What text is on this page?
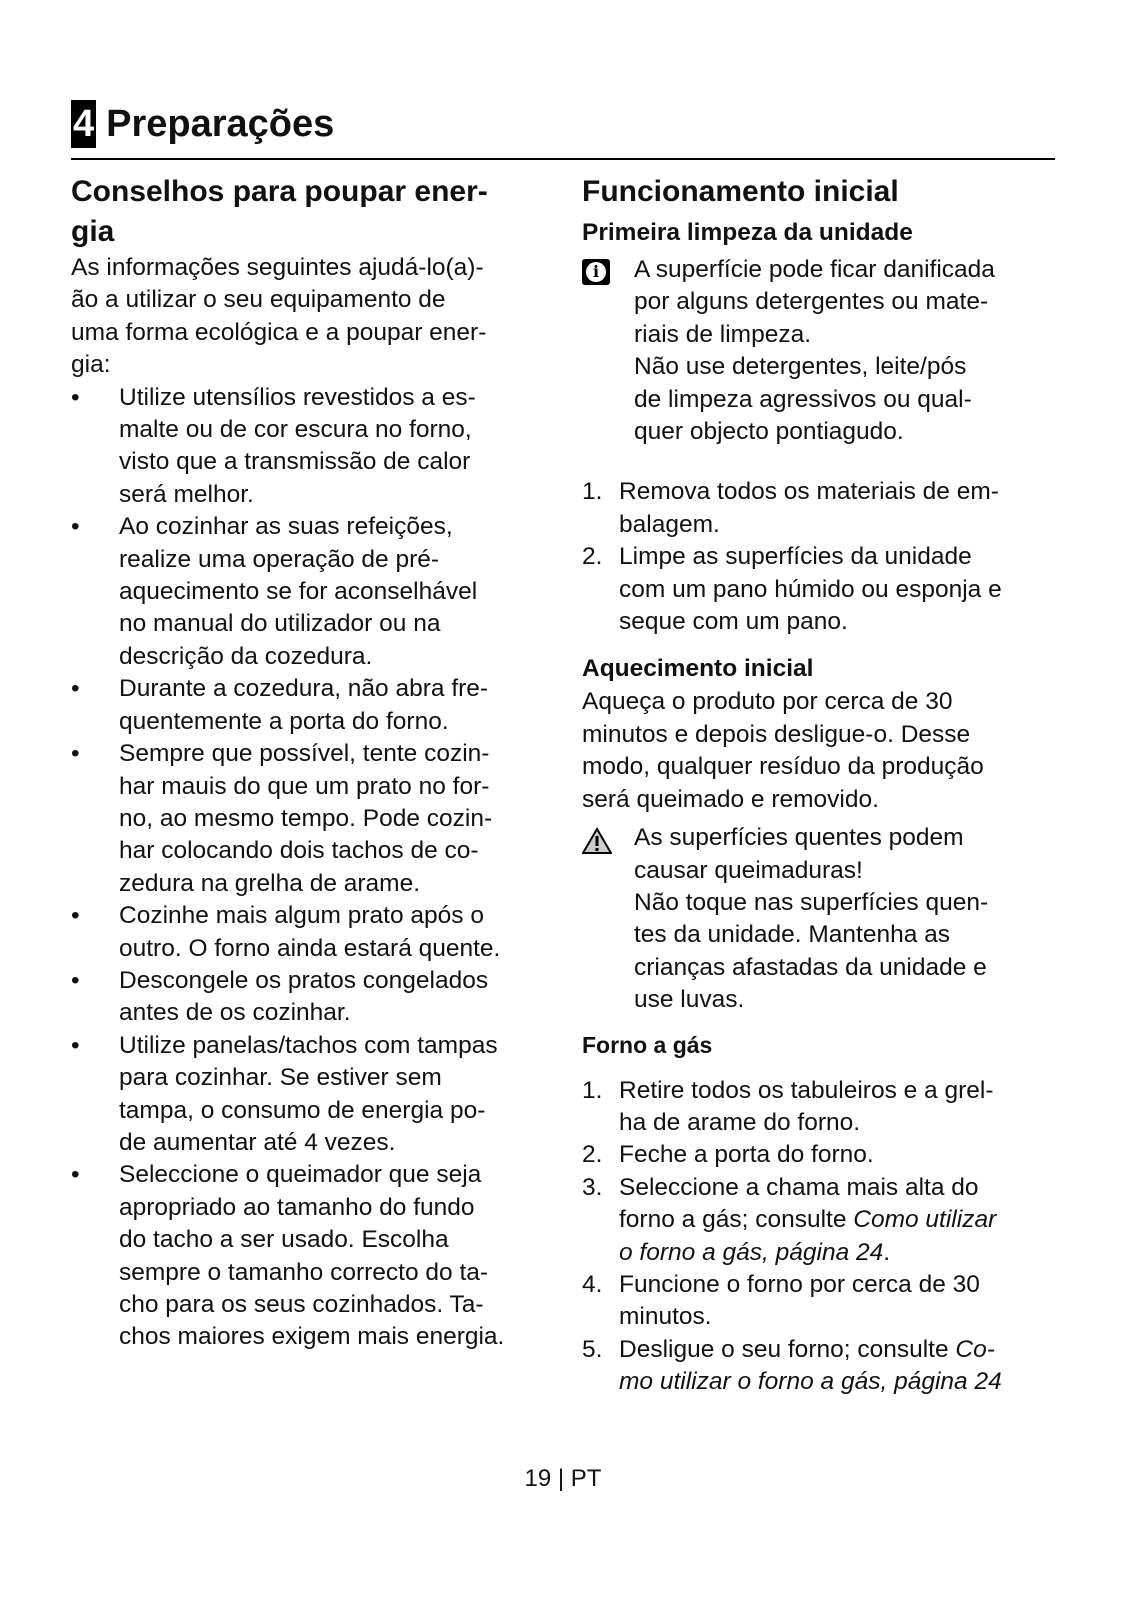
4 Preparações
Conselhos para poupar ener-
gia
As informações seguintes ajudá-lo(a)-
ão a utilizar o seu equipamento de
uma forma ecológica e a poupar ener-
gia:
•	Utilize utensílios revestidos a es-
malte ou de cor escura no forno,
visto que a transmissão de calor
será melhor.
•	Ao cozinhar as suas refeições,
realize uma operação de pré-
aquecimento se for aconselhável
no manual do utilizador ou na
descrição da cozedura.
•	Durante a cozedura, não abra fre-
quentemente a porta do forno.
•	Sempre que possível, tente cozin-
har mauis do que um prato no for-
no, ao mesmo tempo. Pode cozin-
har colocando dois tachos de co-
zedura na grelha de arame.
•	Cozinhe mais algum prato após o
outro. O forno ainda estará quente.
•	Descongele os pratos congelados
antes de os cozinhar.
•	Utilize panelas/tachos com tampas
para cozinhar. Se estiver sem
tampa, o consumo de energia po-
de aumentar até 4 vezes.
•	Seleccione o queimador que seja
apropriado ao tamanho do fundo
do tacho a ser usado. Escolha
sempre o tamanho correcto do ta-
cho para os seus cozinhados. Ta-
chos maiores exigem mais energia.
Funcionamento inicial
Primeira limpeza da unidade
i A superfície pode ficar danificada
por alguns detergentes ou mate-
riais de limpeza.
Não use detergentes, leite/pós
de limpeza agressivos ou qual-
quer objecto pontiagudo.
1. Remova todos os materiais de em-
balagem.
2. Limpe as superfícies da unidade
com um pano húmido ou esponja e
seque com um pano.
Aquecimento inicial
Aqueça o produto por cerca de 30
minutos e depois desligue-o. Desse
modo, qualquer resíduo da produção
será queimado e removido.
As superfícies quentes podem
causar queimaduras!
Não toque nas superfícies quen-
tes da unidade. Mantenha as
crianças afastadas da unidade e
use luvas.
Forno a gás
1. Retire todos os tabuleiros e a grel-
ha de arame do forno.
2. Feche a porta do forno.
3. Seleccione a chama mais alta do
forno a gás; consulte Como utilizar
o forno a gás, página 24.
4. Funcione o forno por cerca de 30
minutos.
5. Desligue o seu forno; consulte Co-
mo utilizar o forno a gás, página 24
19 | PT
